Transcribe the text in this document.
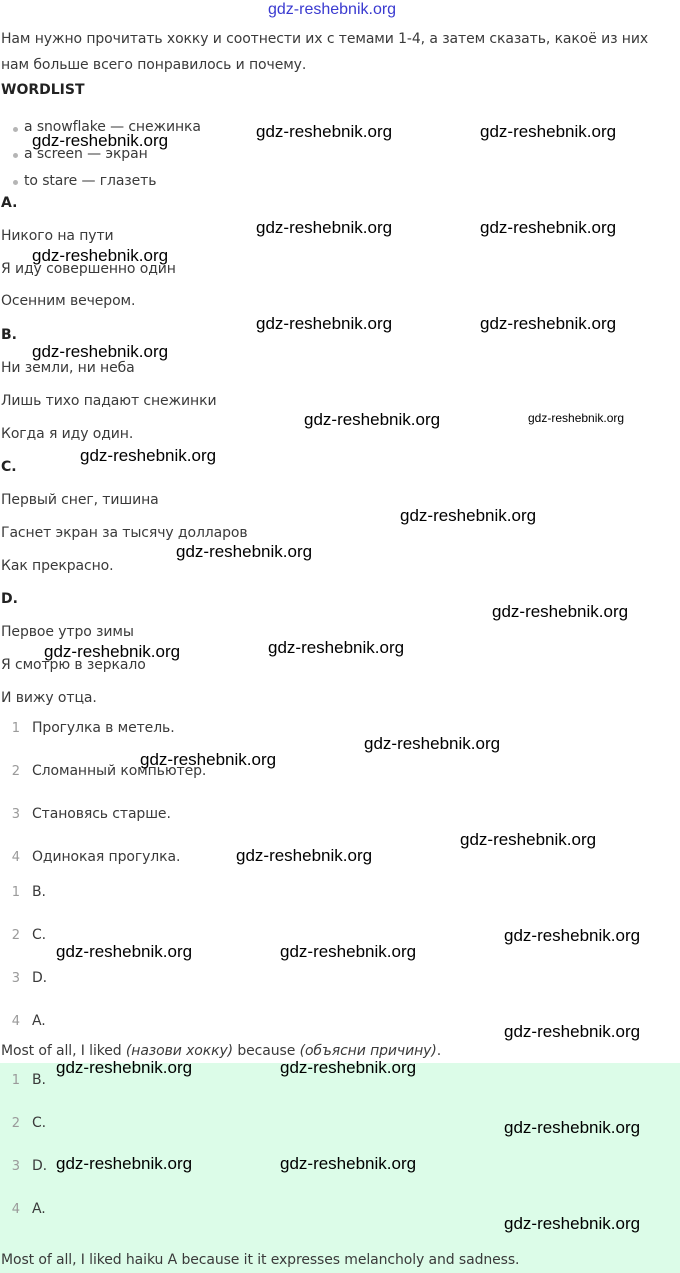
gdz-reshebnik.org
Нам нужно прочитать хокку и соотнести их с темами 1-4, а затем сказать, какоё из них
нам больше всего понравилось и почему.
WORDLIST
a snowflake — снежинка
a screen — экран
to stare — глазеть
A.
Никого на пути
Я иду совершенно один
Осенним вечером.
B.
Ни земли, ни неба
Лишь тихо падают снежинки
Когда я иду один.
C.
Первый снег, тишина
Гаснет экран за тысячу долларов
Как прекрасно.
D.
Первое утро зимы
Я смотрю в зеркало
И вижу отца.
1 Прогулка в метель.
2 Сломанный компьютер.
3 Становясь старше.
4 Одинокая прогулка.
1 B.
2 C.
3 D.
4 A.
Most of all, I liked (назови хокку) because (объясни причину).
1 B.
2 C.
3 D.
4 A.
Most of all, I liked haiku A because it it expresses melancholy and sadness.
gdz-reshebnik.org	gdz-reshebnik.org	gdz-reshebnik.org
gdz-reshebnik.org	gdz-reshebnik.org
gdz-reshebnik.org
gdz-reshebnik.org	gdz-reshebnik.org
gdz-reshebnik.org
gdz-reshebnik.org	gdz-reshebnik.org
gdz-reshebnik.org
gdz-reshebnik.org
gdz-reshebnik.org
gdz-reshebnik.org
gdz-reshebnik.org
gdz-reshebnik.org
gdz-reshebnik.org
gdz-reshebnik.org
gdz-reshebnik.org
gdz-reshebnik.org
gdz-reshebnik.org
gdz-reshebnik.org	gdz-reshebnik.org
gdz-reshebnik.org
gdz-reshebnik.org	gdz-reshebnik.org
gdz-reshebnik.org
gdz-reshebnik.org	gdz-reshebnik.org
gdz-reshebnik.org
